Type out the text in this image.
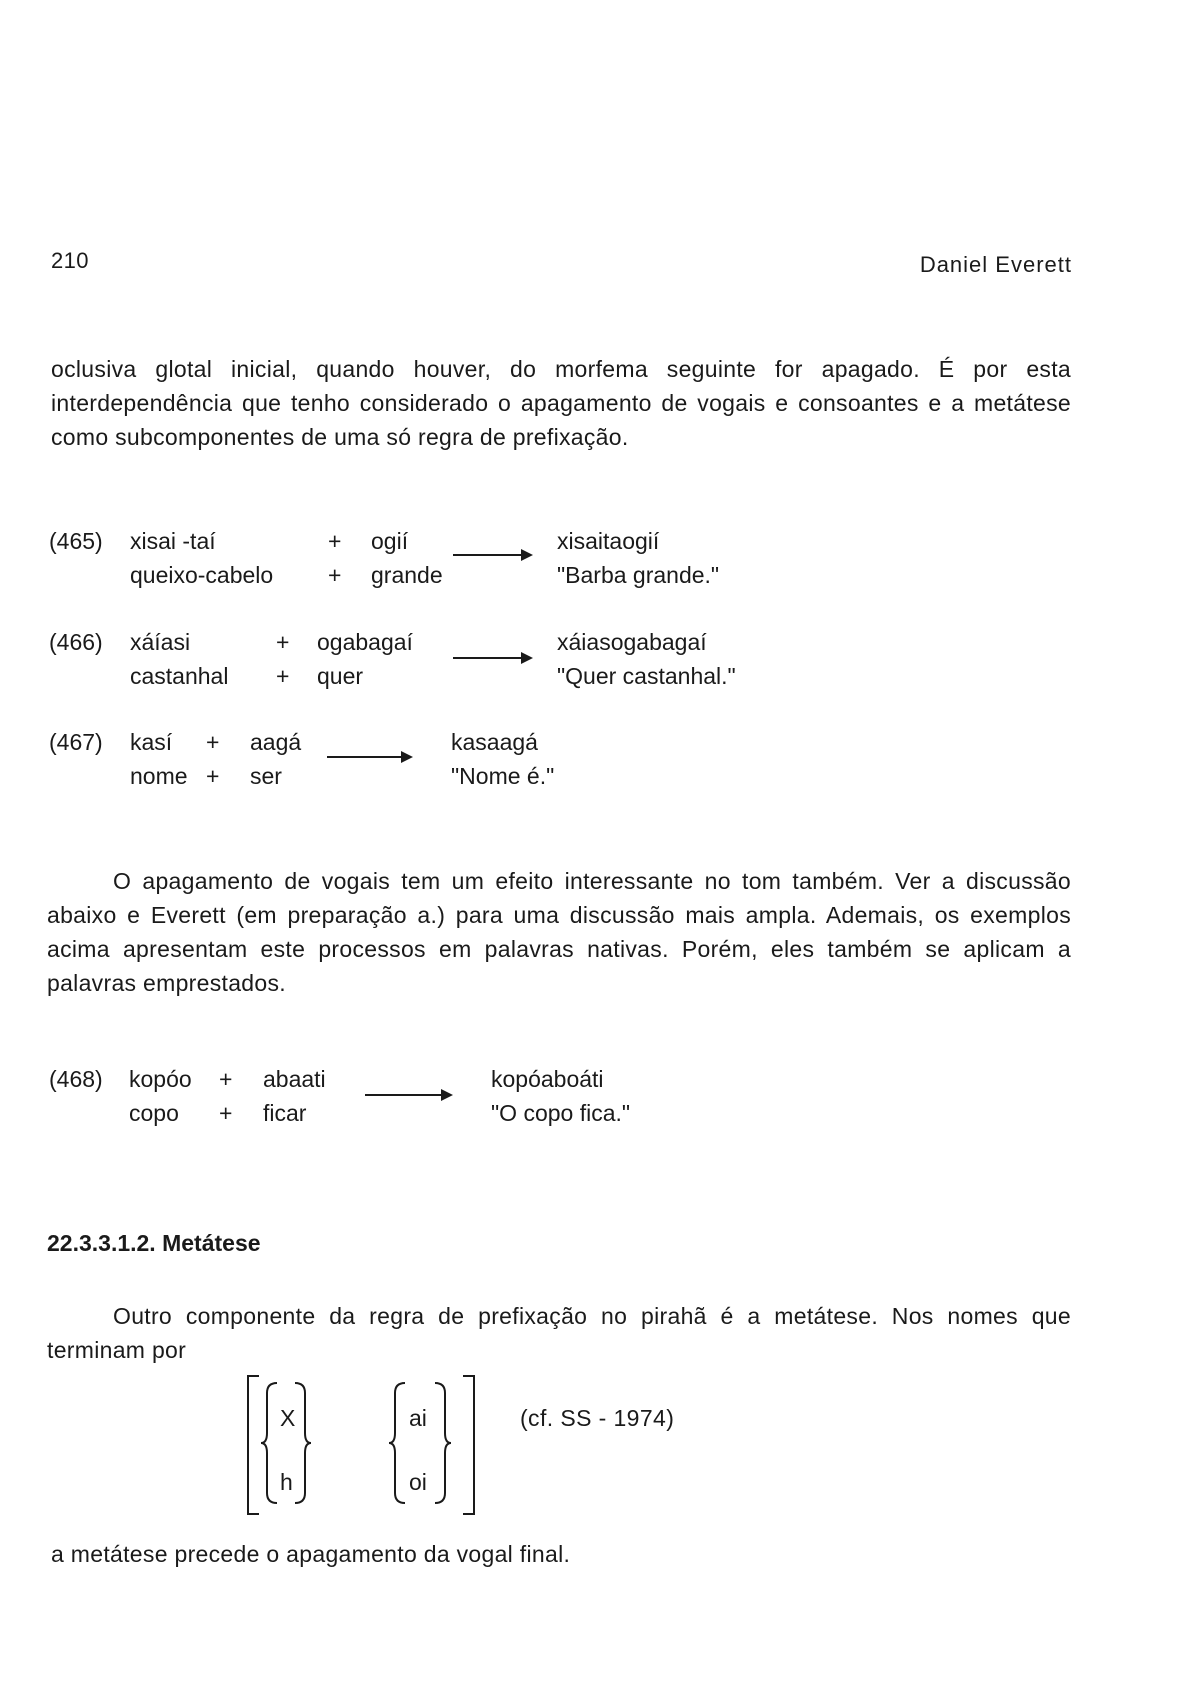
210	Daniel Everett
oclusiva glotal inicial, quando houver, do morfema seguinte for apagado. É por esta interdependência que tenho considerado o apagamento de vogais e consoantes e a metátese como subcomponentes de uma só regra de prefixação.
(465) xisai -taí	+ ogií	xisaitaogií
queixo-cabelo + grande	"Barba grande."
(466) xáíasi	+ ogabagaí	xáiasogabagaí
castanhal + quer	"Quer castanhal."
(467) kasí + aagá	kasaagá
nome + ser	"Nome é."
O apagamento de vogais tem um efeito interessante no tom também. Ver a discussão abaixo e Everett (em preparação a.) para uma discussão mais ampla. Ademais, os exemplos acima apresentam este processos em palavras nativas. Porém, eles também se aplicam a palavras emprestados.
(468) kopóo + abaati	kopóaboáti
copo + ficar	"O copo fica."
22.3.3.1.2. Metátese
Outro componente da regra de prefixação no pirahã é a metátese. Nos nomes que terminam por
X
h
ai
oi
(cf. SS - 1974)
a metátese precede o apagamento da vogal final.
